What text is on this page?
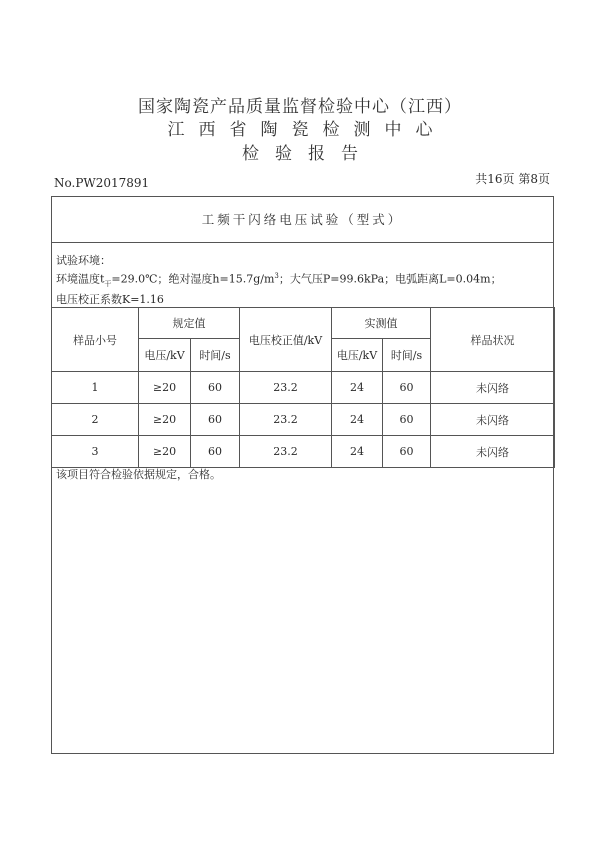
国家陶瓷产品质量监督检验中心（江西）
江西省陶瓷检测中心
检验报告
No.PW2017891	共16页 第8页
工频干闪络电压试验（型式）
试验环境：
环境温度$t_干=29.0℃$；绝对湿度$h=15.7g/m^3$；大气压P=99.6kPa；电弧距离L=0.04m；
电压校正系数K=1.16
样品小号	规定值		电压校正值/kV	实测值		样品状况
	电压/kV	时间/s		电压/kV	时间/s	
1	≥20	60	23.2	24	60	未闪络
2	≥20	60	23.2	24	60	未闪络
3	≥20	60	23.2	24	60	未闪络
该项目符合检验依据规定，合格。
